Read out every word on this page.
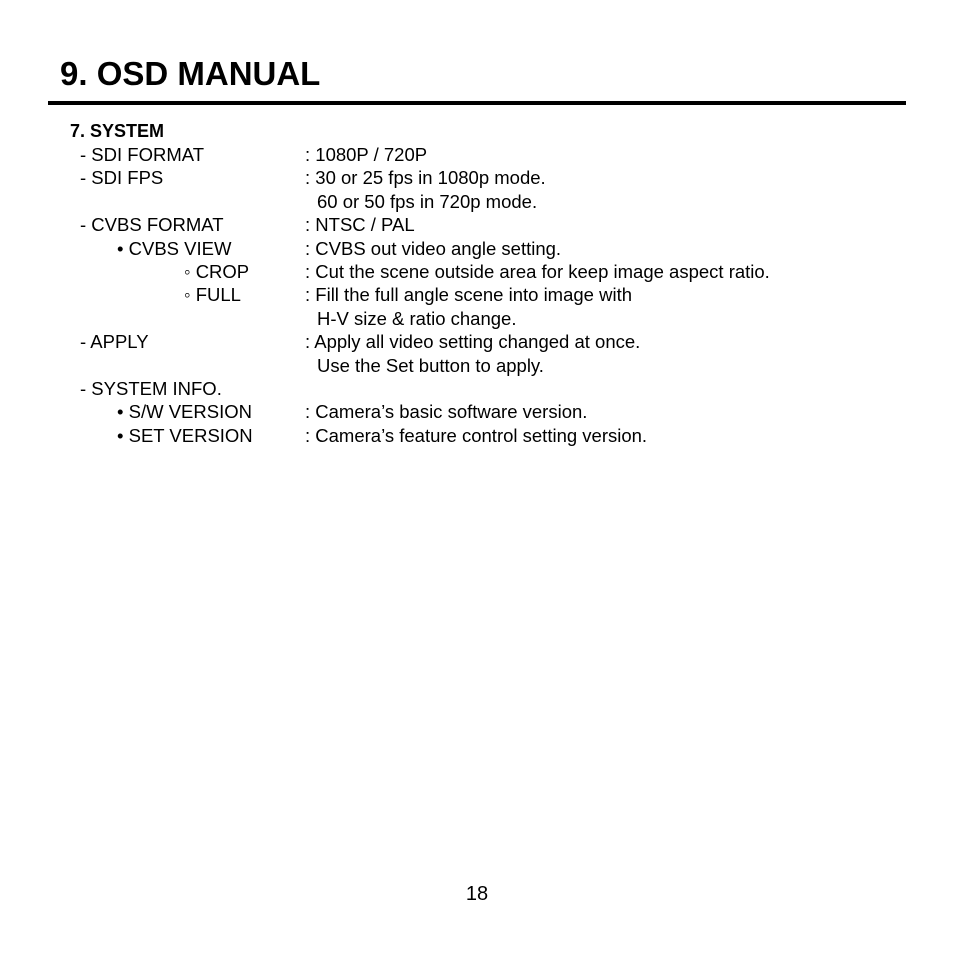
9. OSD MANUAL
7. SYSTEM
- SDI FORMAT	: 1080P / 720P
- SDI FPS	: 30 or 25 fps in 1080p mode.
60 or 50 fps in 720p mode.
- CVBS FORMAT	: NTSC / PAL
• CVBS VIEW	: CVBS out video angle setting.
◦ CROP	: Cut the scene outside area for keep image aspect ratio.
◦ FULL	: Fill the full angle scene into image with
H-V size & ratio change.
- APPLY	: Apply all video setting changed at once.
Use the Set button to apply.
- SYSTEM INFO.
• S/W VERSION	: Camera’s basic software version.
• SET VERSION	: Camera’s feature control setting version.
18
